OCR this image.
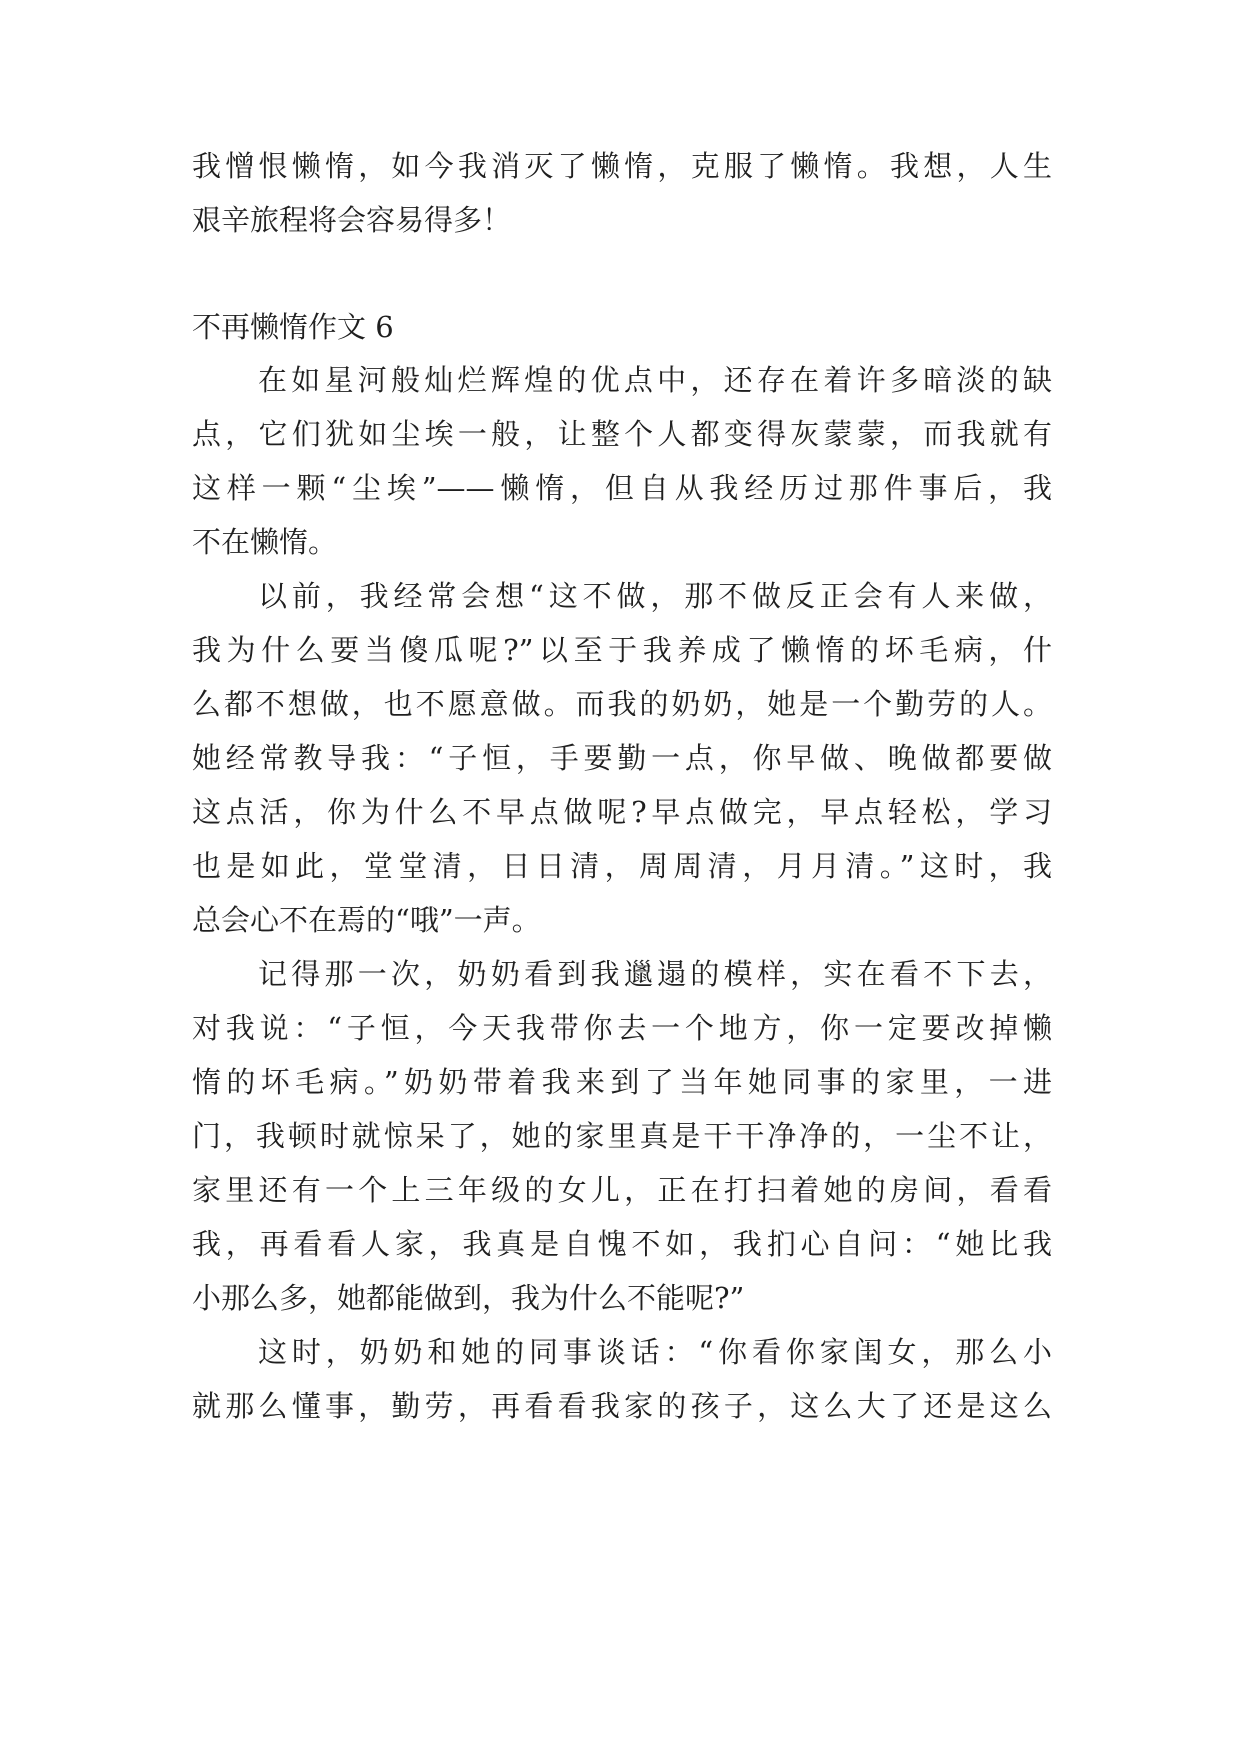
我憎恨懒惰，如今我消灭了懒惰，克服了懒惰。我想，人生
艰辛旅程将会容易得多！
不再懒惰作文 6
在如星河般灿烂辉煌的优点中，还存在着许多暗淡的缺
点，它们犹如尘埃一般，让整个人都变得灰蒙蒙，而我就有
这样一颗“尘埃”——懒惰，但自从我经历过那件事后，我
不在懒惰。
以前，我经常会想“这不做，那不做反正会有人来做，
我为什么要当傻瓜呢?”以至于我养成了懒惰的坏毛病，什
么都不想做，也不愿意做。而我的奶奶，她是一个勤劳的人。
她经常教导我：“子恒，手要勤一点，你早做、晚做都要做
这点活，你为什么不早点做呢?早点做完，早点轻松，学习
也是如此，堂堂清，日日清，周周清，月月清。”这时，我
总会心不在焉的“哦”一声。
记得那一次，奶奶看到我邋遢的模样，实在看不下去，
对我说：“子恒，今天我带你去一个地方，你一定要改掉懒
惰的坏毛病。”奶奶带着我来到了当年她同事的家里，一进
门，我顿时就惊呆了，她的家里真是干干净净的，一尘不让，
家里还有一个上三年级的女儿，正在打扫着她的房间，看看
我，再看看人家，我真是自愧不如，我扪心自问：“她比我
小那么多，她都能做到，我为什么不能呢?”
这时，奶奶和她的同事谈话：“你看你家闺女，那么小
就那么懂事，勤劳，再看看我家的孩子，这么大了还是这么
